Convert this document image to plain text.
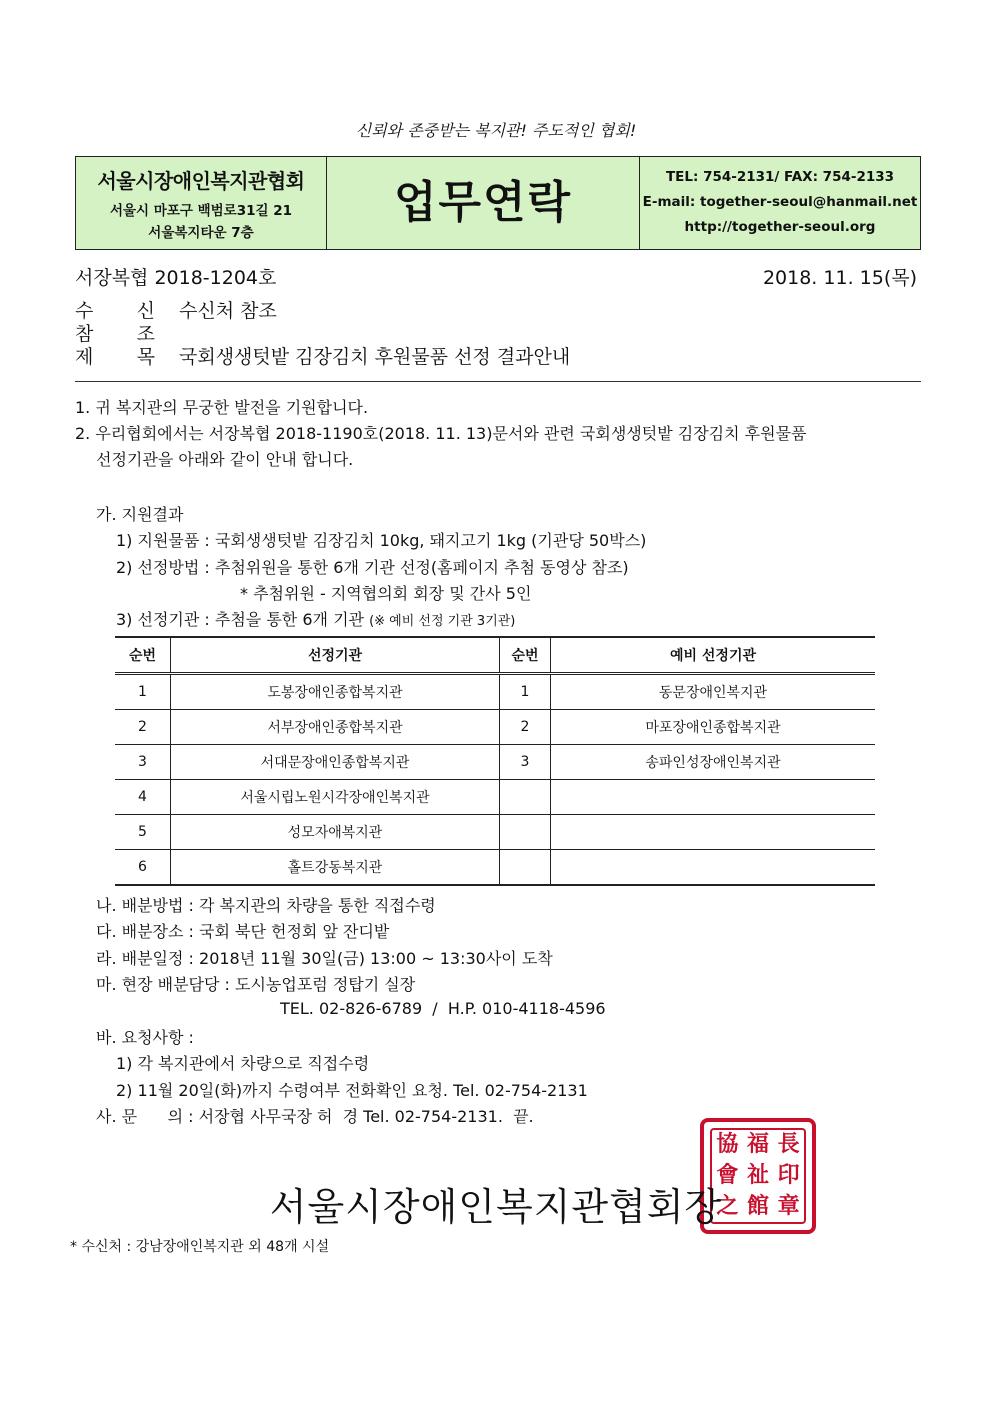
신뢰와 존중받는 복지관! 주도적인 협회!
서울시장애인복지관협회
서울시 마포구 백범로31길 21
서울복지타운 7층
업무연락	TEL: 754-2131/ FAX: 754-2133
E-mail: together-seoul@hanmail.net
http://together-seoul.org
서장복협 2018-1204호	2018. 11. 15(목)
수 신 수신처 참조
참 조
제 목 국회생생텃밭 김장김치 후원물품 선정 결과안내
1. 귀 복지관의 무궁한 발전을 기원합니다.
2. 우리협회에서는 서장복협 2018-1190호(2018. 11. 13)문서와 관련 국회생생텃밭 김장김치 후원물품
선정기관을 아래와 같이 안내 합니다.
가. 지원결과
1) 지원물품 : 국회생생텃밭 김장김치 10kg, 돼지고기 1kg (기관당 50박스)
2) 선정방법 : 추첨위원을 통한 6개 기관 선정(홈페이지 추첨 동영상 참조)
* 추첨위원 - 지역협의회 회장 및 간사 5인
3) 선정기관 : 추첨을 통한 6개 기관 (※ 예비 선정 기관 3기관)
순번	선정기관	순번	예비 선정기관
1	도봉장애인종합복지관	1	동문장애인복지관
2	서부장애인종합복지관	2	마포장애인종합복지관
3	서대문장애인종합복지관	3	송파인성장애인복지관
4	서울시립노원시각장애인복지관		
5	성모자애복지관		
6	홀트강동복지관		
나. 배분방법 : 각 복지관의 차량을 통한 직접수령
다. 배분장소 : 국회 북단 헌정회 앞 잔디밭
라. 배분일정 : 2018년 11월 30일(금) 13:00 ~ 13:30사이 도착
마. 현장 배분담당 : 도시농업포럼 정탑기 실장
TEL. 02-826-6789  /  H.P. 010-4118-4596
바. 요청사항 :
1) 각 복지관에서 차량으로 직접수령
2) 11월 20일(화)까지 수령여부 전화확인 요청. Tel. 02-754-2131
사. 문      의 : 서장협 사무국장 허  경 Tel. 02-754-2131.  끝.
協 福 長
會 祉 印
之 館 章
서울시장애인복지관협회장
* 수신처 : 강남장애인복지관 외 48개 시설
